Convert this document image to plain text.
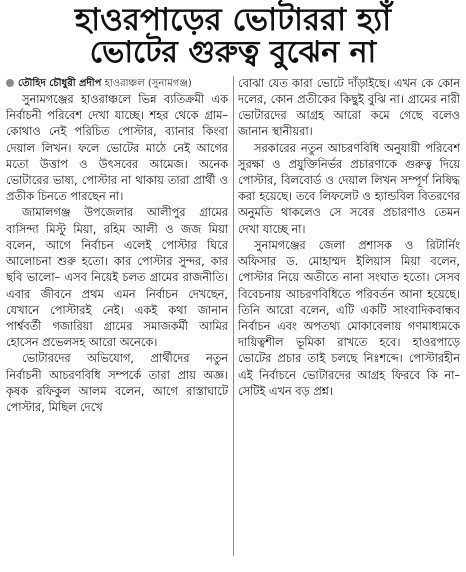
হাওরপাড়ের ভোটাররা হ্যাঁ
ভোটের গুরুত্ব বুঝেন না
তৌহিদ চৌধুরী প্রদীপ হাওরাঞ্চল (সুনামগঞ্জ)

সুনামগঞ্জের হাওরাঞ্চলে ভিন্ন ব্যতিক্রমী এক নির্বাচনী পরিবেশ দেখা যাচ্ছে। শহর থেকে গ্রাম– কোথাও নেই পরিচিত পোস্টার, ব্যানার কিংবা দেয়াল লিখন। ফলে ভোটের মাঠে নেই আগের মতো উত্তাপ ও উৎসবের আমেজ। অনেক ভোটারের ভাষ্য, পোস্টার না থাকায় তারা প্রার্থী ও প্রতীক চিনতে পারছেন না।

জামালগঞ্জ উপজেলার আলীপুর গ্রামের বাসিন্দা মিস্টু মিয়া, রহিম আলী ও জজ মিয়া বলেন, আগে নির্বাচন এলেই পোস্টার ঘিরে আলোচনা শুরু হতো। কার পোস্টার সুন্দর, কার ছবি ভালো– এসব নিয়েই চলত গ্রামের রাজনীতি। এবার জীবনে প্রথম এমন নির্বাচন দেখছেন, যেখানে পোস্টারই নেই। একই কথা জানান পার্শ্ববর্তী গজারিয়া গ্রামের সমাজকর্মী আমির হোসেন প্রভেলসহ আরো অনেকে।

ভোটারদের অভিযোগ, প্রার্থীদের নতুন নির্বাচনী আচরণবিধি সম্পর্কে তারা প্রায় অজ্ঞ। কৃষক রফিকুল আলম বলেন, আগে রাস্তাঘাটে পোস্টার, মিছিল দেখে

বোঝা যেত কারা ভোটে দাঁড়াইছে। এখন কে কোন দলের, কোন প্রতীকের কিছুই বুঝি না। গ্রামের নারী ভোটারদের আগ্রহ আরো কমে গেছে বলেও জানান স্থানীয়রা।

সরকারের নতুন আচরণবিধি অনুযায়ী পরিবেশ সুরক্ষা ও প্রযুক্তিনির্ভর প্রচারণাকে গুরুত্ব দিয়ে পোস্টার, বিলবোর্ড ও দেয়াল লিখন সম্পূর্ণ নিষিদ্ধ করা হয়েছে। তবে লিফলেট ও হ্যান্ডবিল বিতরণের অনুমতি থাকলেও সে সবের প্রচারণাও তেমন দেখা যাচ্ছে না।

সুনামগঞ্জের জেলা প্রশাসক ও রিটার্নিং অফিসার ড. মোহাম্মদ ইলিয়াস মিয়া বলেন, পোস্টার নিয়ে অতীতে নানা সংঘাত হতো। সেসব বিবেচনায় আচরণবিধিতে পরিবর্তন আনা হয়েছে। তিনি আরো বলেন, এটি একটি সাংবাদিকবান্ধব নির্বাচন এবং অপতথ্য মোকাবেলায় গণমাধ্যমকে দায়িত্বশীল ভূমিকা রাখতে হবে। হাওরপাড়ে ভোটের প্রচার তাই চলছে নিঃশব্দে। পোস্টারহীন এই নির্বাচনে ভোটারদের আগ্রহ ফিরবে কি না– সেটিই এখন বড় প্রশ্ন।
